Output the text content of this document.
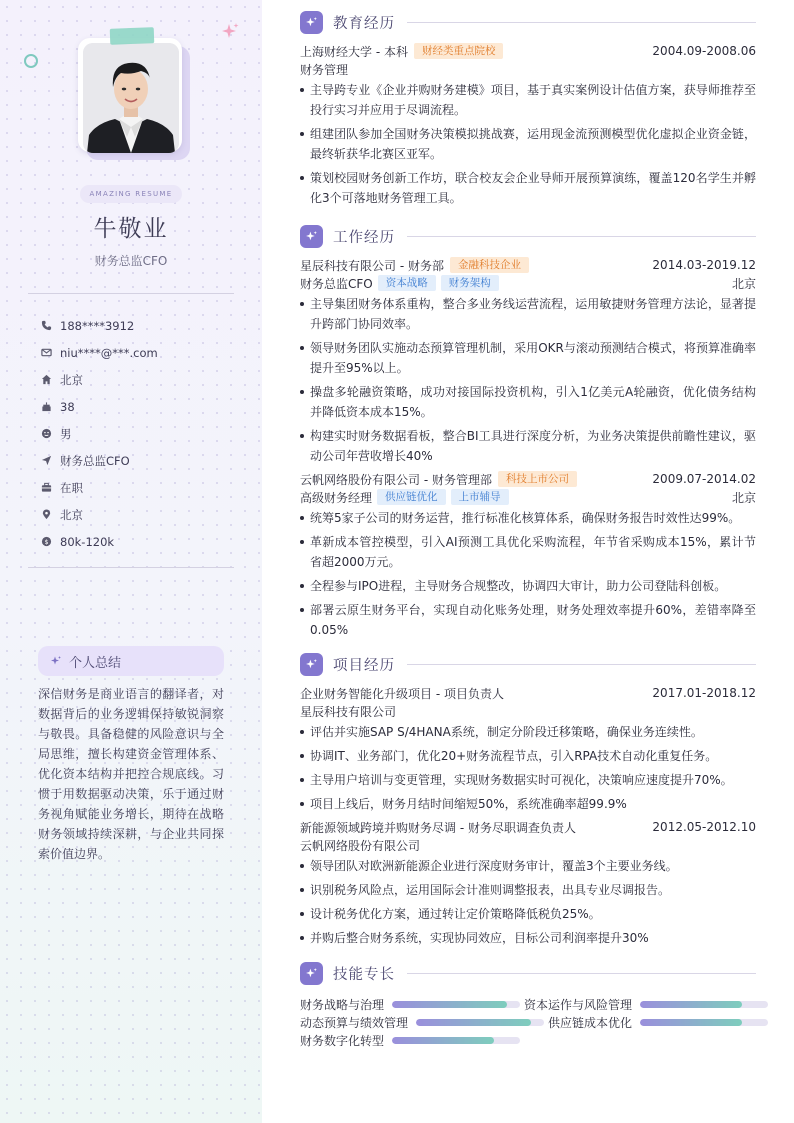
AMAZING RESUME
牛敬业
财务总监CFO
188****3912
niu****@***.com
北京
38
男
财务总监CFO
在职
北京
$ 80k-120k
个人总结
深信财务是商业语言的翻译者，对数据背后的业务逻辑保持敏锐洞察与敬畏。具备稳健的风险意识与全局思维，擅长构建资金管理体系、优化资本结构并把控合规底线。习惯于用数据驱动决策，乐于通过财务视角赋能业务增长，期待在战略财务领域持续深耕，与企业共同探索价值边界。
教育经历
上海财经大学 - 本科	财经类重点院校	2004.09-2008.06
财务管理
主导跨专业《企业并购财务建模》项目，基于真实案例设计估值方案，获导师推荐至投行实习并应用于尽调流程。
组建团队参加全国财务决策模拟挑战赛，运用现金流预测模型优化虚拟企业资金链，最终斩获华北赛区亚军。
策划校园财务创新工作坊，联合校友会企业导师开展预算演练，覆盖120名学生并孵化3个可落地财务管理工具。
工作经历
星辰科技有限公司 - 财务部	金融科技企业	2014.03-2019.12
财务总监CFO	资本战略	财务架构	北京
主导集团财务体系重构，整合多业务线运营流程，运用敏捷财务管理方法论，显著提升跨部门协同效率。
领导财务团队实施动态预算管理机制，采用OKR与滚动预测结合模式，将预算准确率提升至95%以上。
操盘多轮融资策略，成功对接国际投资机构，引入1亿美元A轮融资，优化债务结构并降低资本成本15%。
构建实时财务数据看板，整合BI工具进行深度分析，为业务决策提供前瞻性建议，驱动公司年营收增长40%
云帆网络股份有限公司 - 财务管理部	科技上市公司	2009.07-2014.02
高级财务经理	供应链优化	上市辅导	北京
统筹5家子公司的财务运营，推行标准化核算体系，确保财务报告时效性达99%。
革新成本管控模型，引入AI预测工具优化采购流程，年节省采购成本15%，累计节省超2000万元。
全程参与IPO进程，主导财务合规整改，协调四大审计，助力公司登陆科创板。
部署云原生财务平台，实现自动化账务处理，财务处理效率提升60%，差错率降至0.05%
项目经历
企业财务智能化升级项目 - 项目负责人	2017.01-2018.12
星辰科技有限公司
评估并实施SAP S/4HANA系统，制定分阶段迁移策略，确保业务连续性。
协调IT、业务部门，优化20+财务流程节点，引入RPA技术自动化重复任务。
主导用户培训与变更管理，实现财务数据实时可视化，决策响应速度提升70%。
项目上线后，财务月结时间缩短50%，系统准确率超99.9%
新能源领域跨境并购财务尽调 - 财务尽职调查负责人	2012.05-2012.10
云帆网络股份有限公司
领导团队对欧洲新能源企业进行深度财务审计，覆盖3个主要业务线。
识别税务风险点，运用国际会计准则调整报表，出具专业尽调报告。
设计税务优化方案，通过转让定价策略降低税负25%。
并购后整合财务系统，实现协同效应，目标公司利润率提升30%
技能专长
财务战略与治理	资本运作与风险管理
动态预算与绩效管理	供应链成本优化
财务数字化转型
